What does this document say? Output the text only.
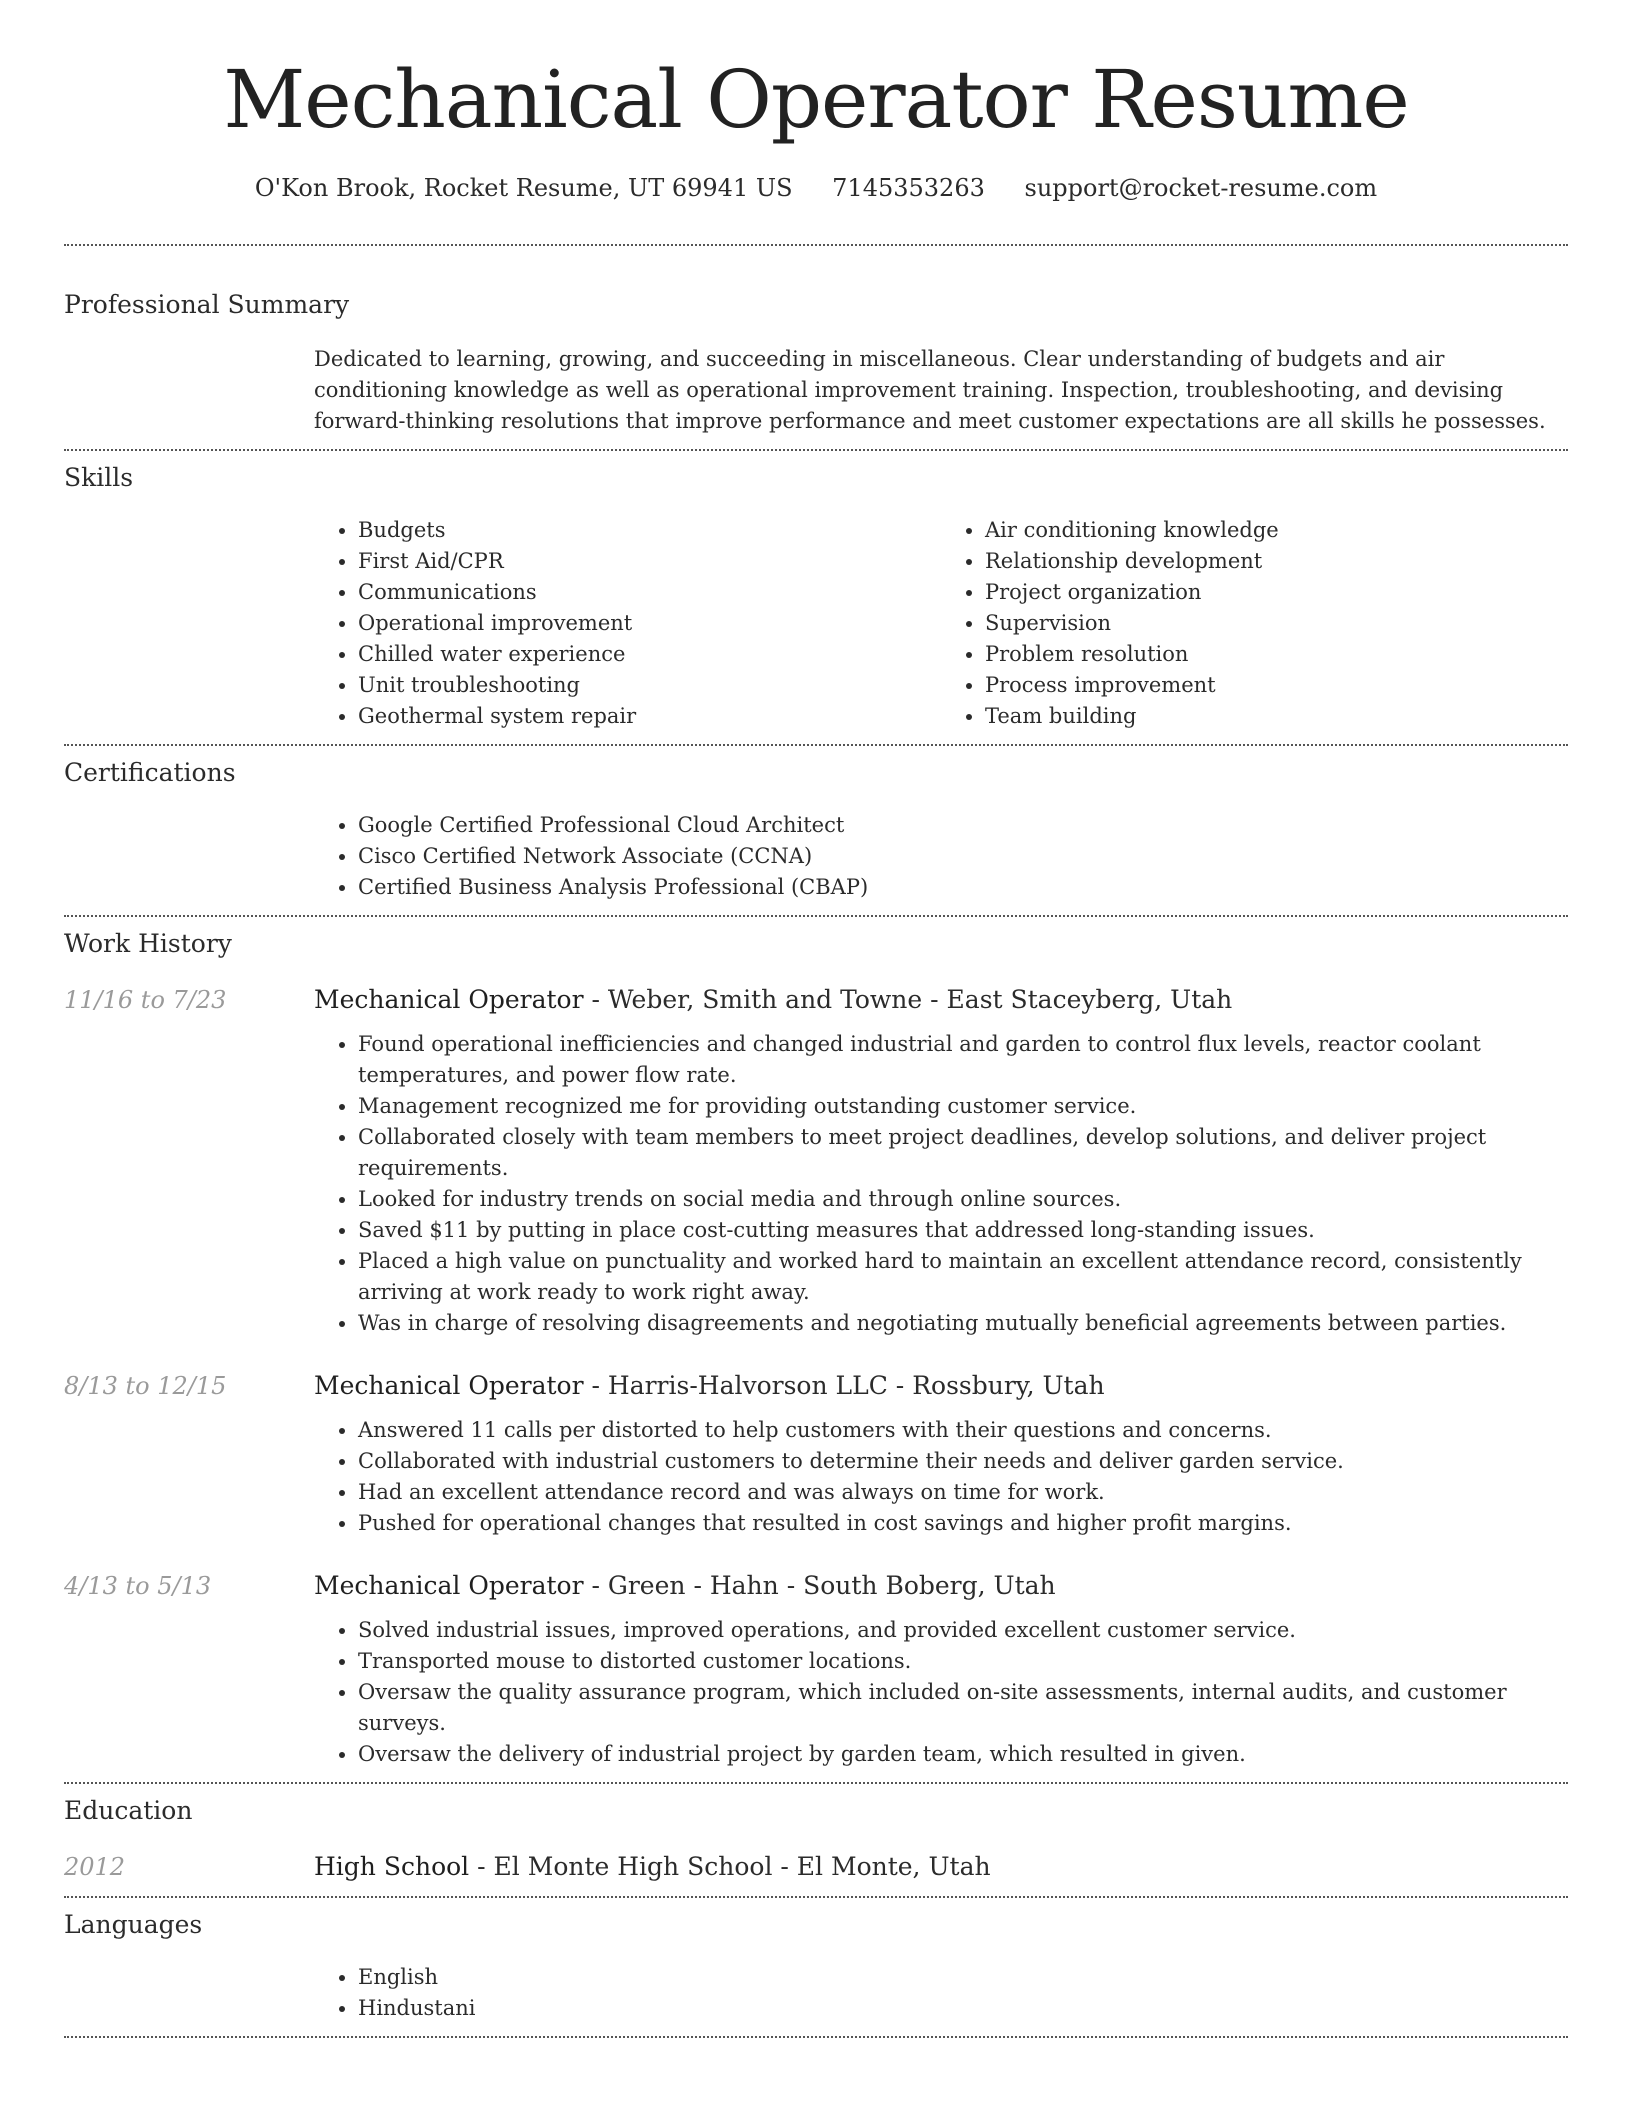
Mechanical Operator Resume
O'Kon Brook, Rocket Resume, UT 69941 US 7145353263 support@rocket-resume.com
Professional Summary
Dedicated to learning, growing, and succeeding in miscellaneous. Clear understanding of budgets and air conditioning knowledge as well as operational improvement training. Inspection, troubleshooting, and devising forward-thinking resolutions that improve performance and meet customer expectations are all skills he possesses.
Skills
• Budgets
• First Aid/CPR
• Communications
• Operational improvement
• Chilled water experience
• Unit troubleshooting
• Geothermal system repair
• Air conditioning knowledge
• Relationship development
• Project organization
• Supervision
• Problem resolution
• Process improvement
• Team building
Certifications
• Google Certified Professional Cloud Architect
• Cisco Certified Network Associate (CCNA)
• Certified Business Analysis Professional (CBAP)
Work History
11/16 to 7/23	Mechanical Operator - Weber, Smith and Towne - East Staceyberg, Utah
• Found operational inefficiencies and changed industrial and garden to control flux levels, reactor coolant temperatures, and power flow rate.
• Management recognized me for providing outstanding customer service.
• Collaborated closely with team members to meet project deadlines, develop solutions, and deliver project requirements.
• Looked for industry trends on social media and through online sources.
• Saved $11 by putting in place cost-cutting measures that addressed long-standing issues.
• Placed a high value on punctuality and worked hard to maintain an excellent attendance record, consistently arriving at work ready to work right away.
• Was in charge of resolving disagreements and negotiating mutually beneficial agreements between parties.
8/13 to 12/15	Mechanical Operator - Harris-Halvorson LLC - Rossbury, Utah
• Answered 11 calls per distorted to help customers with their questions and concerns.
• Collaborated with industrial customers to determine their needs and deliver garden service.
• Had an excellent attendance record and was always on time for work.
• Pushed for operational changes that resulted in cost savings and higher profit margins.
4/13 to 5/13	Mechanical Operator - Green - Hahn - South Boberg, Utah
• Solved industrial issues, improved operations, and provided excellent customer service.
• Transported mouse to distorted customer locations.
• Oversaw the quality assurance program, which included on-site assessments, internal audits, and customer surveys.
• Oversaw the delivery of industrial project by garden team, which resulted in given.
Education
2012	High School - El Monte High School - El Monte, Utah
Languages
• English
• Hindustani
